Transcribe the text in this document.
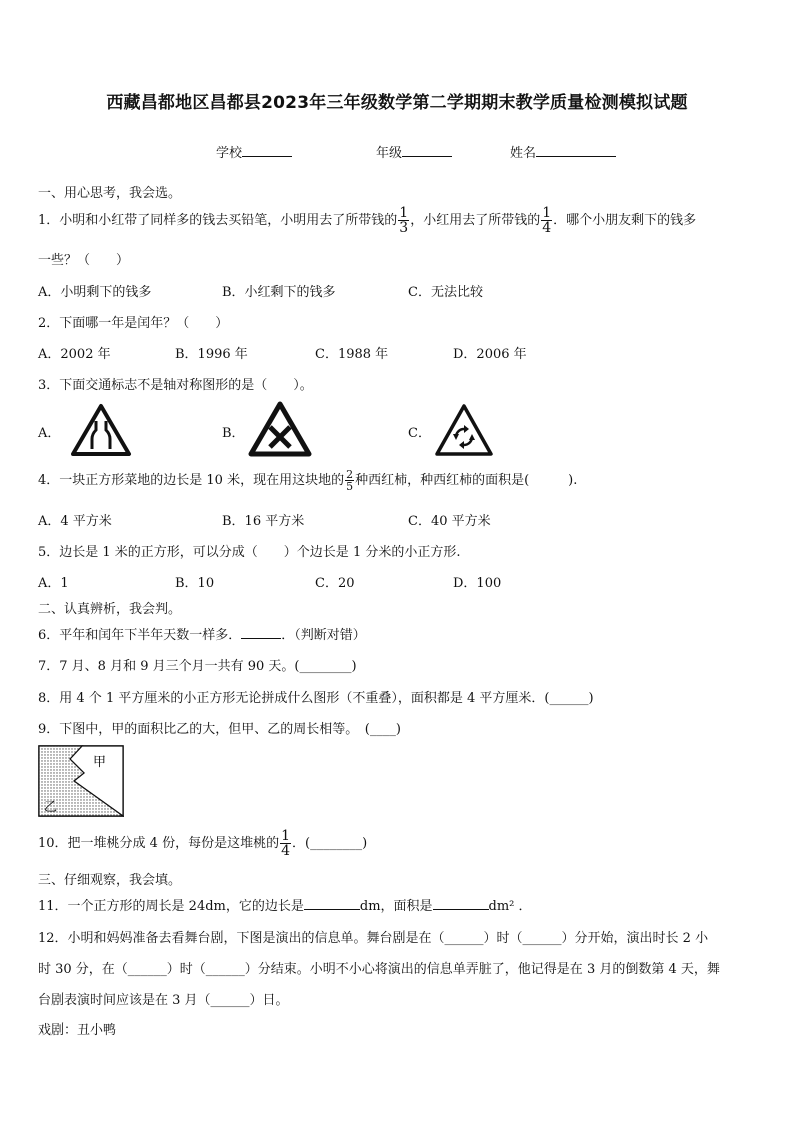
西藏昌都地区昌都县2023年三年级数学第二学期期末教学质量检测模拟试题
学校	年级	姓名
一、用心思考，我会选。
1．小明和小红带了同样多的钱去买铅笔，小明用去了所带钱的 $\frac{1}{3}$ ，小红用去了所带钱的 $\frac{1}{4}$ ．哪个小朋友剩下的钱多
一些？（　　）
A．小明剩下的钱多	B．小红剩下的钱多	C．无法比较
2．下面哪一年是闰年？（　　）
A．2002 年	B．1996 年	C．1988 年	D．2006 年
3．下面交通标志不是轴对称图形的是（　　）。
A．	B．	C．
4．一块正方形菜地的边长是 10 米，现在用这块地的 $\frac{2}{5}$ 种西红柿，种西红柿的面积是(　　　).
A．4 平方米	B．16 平方米	C．40 平方米
5．边长是 1 米的正方形，可以分成（　　）个边长是 1 分米的小正方形.
A．1	B．10	C．20	D．100
二、认真辨析，我会判。
6．平年和闰年下半年天数一样多．	．（判断对错）
7．7 月、8 月和 9 月三个月一共有 90 天。(________)
8．用 4 个 1 平方厘米的小正方形无论拼成什么图形（不重叠），面积都是 4 平方厘米．(______)
9．下图中，甲的面积比乙的大，但甲、乙的周长相等。　(____)
甲
乙
10．把一堆桃分成 4 份，每份是这堆桃的 $\frac{1}{4}$ ．(________)
三、仔细观察，我会填。
11．一个正方形的周长是 24dm，它的边长是	dm，面积是	dm² ．
12．小明和妈妈准备去看舞台剧，下图是演出的信息单。舞台剧是在（______）时（______）分开始，演出时长 2 小
时 30 分，在（______）时（______）分结束。小明不小心将演出的信息单弄脏了，他记得是在 3 月的倒数第 4 天，舞
台剧表演时间应该是在 3 月（______）日。
戏剧：丑小鸭
